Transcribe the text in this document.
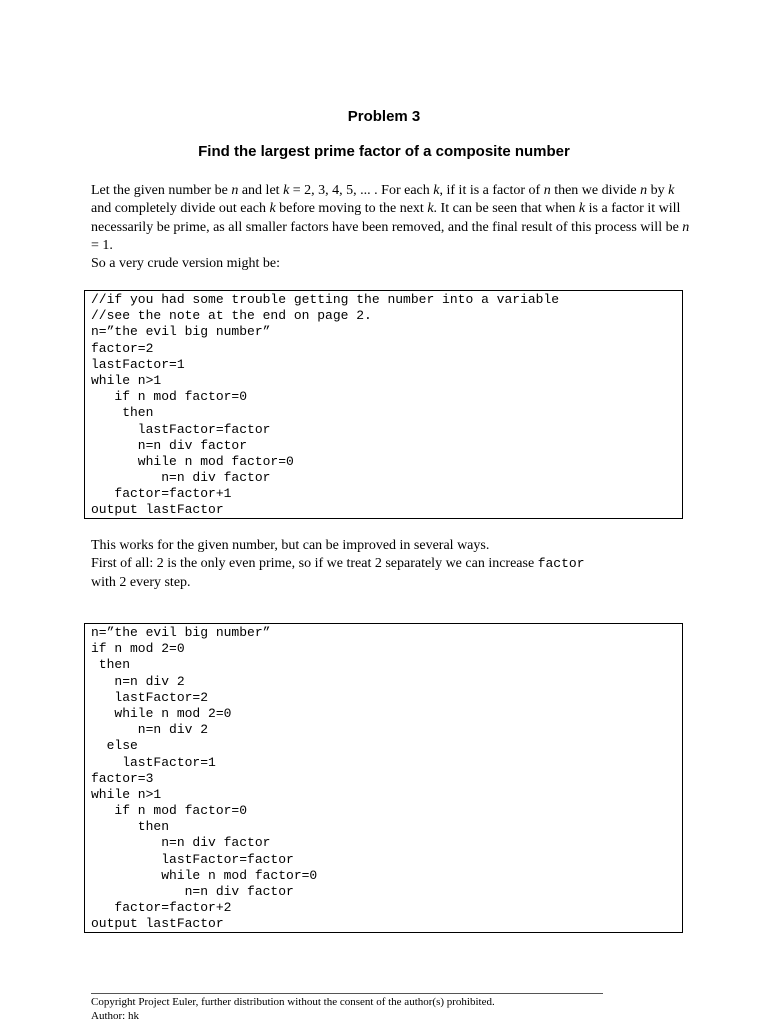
Problem 3
Find the largest prime factor of a composite number
Let the given number be n and let k = 2, 3, 4, 5, ... . For each k, if it is a factor of n then we divide n by k and completely divide out each k before moving to the next k. It can be seen that when k is a factor it will necessarily be prime, as all smaller factors have been removed, and the final result of this process will be n = 1.
So a very crude version might be:
//if you had some trouble getting the number into a variable
//see the note at the end on page 2.
n=”the evil big number”
factor=2
lastFactor=1
while n>1
if n mod factor=0
then
lastFactor=factor
n=n div factor
while n mod factor=0
n=n div factor
factor=factor+1
output lastFactor
This works for the given number, but can be improved in several ways.
First of all: 2 is the only even prime, so if we treat 2 separately we can increase factor
with 2 every step.
n=”the evil big number”
if n mod 2=0
then
n=n div 2
lastFactor=2
while n mod 2=0
n=n div 2
else
lastFactor=1
factor=3
while n>1
if n mod factor=0
then
n=n div factor
lastFactor=factor
while n mod factor=0
n=n div factor
factor=factor+2
output lastFactor

Copyright Project Euler, further distribution without the consent of the author(s) prohibited.

Author: hk
